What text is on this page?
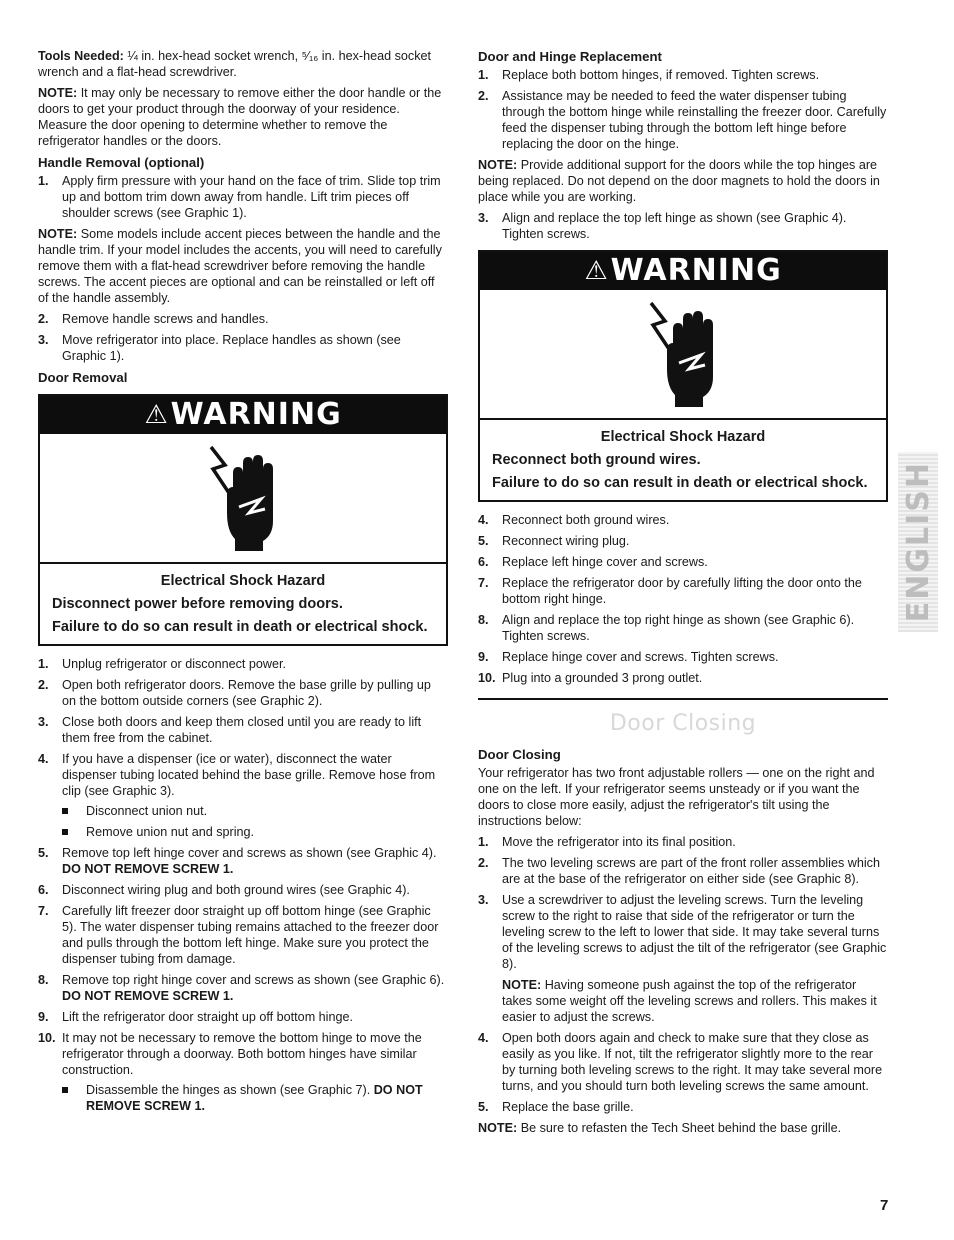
Tools Needed: ¼ in. hex-head socket wrench, ⁵⁄₁₆ in. hex-head socket wrench and a flat-head screwdriver.

NOTE: It may only be necessary to remove either the door handle or the doors to get your product through the doorway of your residence. Measure the door opening to determine whether to remove the refrigerator handles or the doors.

Handle Removal (optional)
1. Apply firm pressure with your hand on the face of trim. Slide top trim up and bottom trim down away from handle. Lift trim pieces off shoulder screws (see Graphic 1).

NOTE: Some models include accent pieces between the handle and the handle trim. If your model includes the accents, you will need to carefully remove them with a flat-head screwdriver before removing the handle screws. The accent pieces are optional and can be reinstalled or left off of the handle assembly.

2. Remove handle screws and handles.
3. Move refrigerator into place. Replace handles as shown (see Graphic 1).
Door Removal
⚠ WARNING
Electrical Shock Hazard
Disconnect power before removing doors.
Failure to do so can result in death or electrical shock.
1. Unplug refrigerator or disconnect power.
2. Open both refrigerator doors. Remove the base grille by pulling up on the bottom outside corners (see Graphic 2).
3. Close both doors and keep them closed until you are ready to lift them free from the cabinet.
4. If you have a dispenser (ice or water), disconnect the water dispenser tubing located behind the base grille. Remove hose from clip (see Graphic 3).
Disconnect union nut.
Remove union nut and spring.
5. Remove top left hinge cover and screws as shown (see Graphic 4). DO NOT REMOVE SCREW 1.
6. Disconnect wiring plug and both ground wires (see Graphic 4).
7. Carefully lift freezer door straight up off bottom hinge (see Graphic 5). The water dispenser tubing remains attached to the freezer door and pulls through the bottom left hinge. Make sure you protect the dispenser tubing from damage.
8. Remove top right hinge cover and screws as shown (see Graphic 6). DO NOT REMOVE SCREW 1.
9. Lift the refrigerator door straight up off bottom hinge.
10. It may not be necessary to remove the bottom hinge to move the refrigerator through a doorway. Both bottom hinges have similar construction.
Disassemble the hinges as shown (see Graphic 7). DO NOT REMOVE SCREW 1.
Door and Hinge Replacement
1. Replace both bottom hinges, if removed. Tighten screws.
2. Assistance may be needed to feed the water dispenser tubing through the bottom hinge while reinstalling the freezer door. Carefully feed the dispenser tubing through the bottom left hinge before replacing the door on the hinge.

NOTE: Provide additional support for the doors while the top hinges are being replaced. Do not depend on the door magnets to hold the doors in place while you are working.

3. Align and replace the top left hinge as shown (see Graphic 4). Tighten screws.
⚠ WARNING
Electrical Shock Hazard
Reconnect both ground wires.
Failure to do so can result in death or electrical shock.
4. Reconnect both ground wires.
5. Reconnect wiring plug.
6. Replace left hinge cover and screws.
7. Replace the refrigerator door by carefully lifting the door onto the bottom right hinge.
8. Align and replace the top right hinge as shown (see Graphic 6). Tighten screws.
9. Replace hinge cover and screws. Tighten screws.
10. Plug into a grounded 3 prong outlet.
Door Closing
Door Closing

Your refrigerator has two front adjustable rollers — one on the right and one on the left. If your refrigerator seems unsteady or if you want the doors to close more easily, adjust the refrigerator's tilt using the instructions below:

1. Move the refrigerator into its final position.
2. The two leveling screws are part of the front roller assemblies which are at the base of the refrigerator on either side (see Graphic 8).
3. Use a screwdriver to adjust the leveling screws. Turn the leveling screw to the right to raise that side of the refrigerator or turn the leveling screw to the left to lower that side. It may take several turns of the leveling screws to adjust the tilt of the refrigerator (see Graphic 8).
NOTE: Having someone push against the top of the refrigerator takes some weight off the leveling screws and rollers. This makes it easier to adjust the screws.
4. Open both doors again and check to make sure that they close as easily as you like. If not, tilt the refrigerator slightly more to the rear by turning both leveling screws to the right. It may take several more turns, and you should turn both leveling screws the same amount.
5. Replace the base grille.

NOTE: Be sure to refasten the Tech Sheet behind the base grille.

ENGLISH
7
